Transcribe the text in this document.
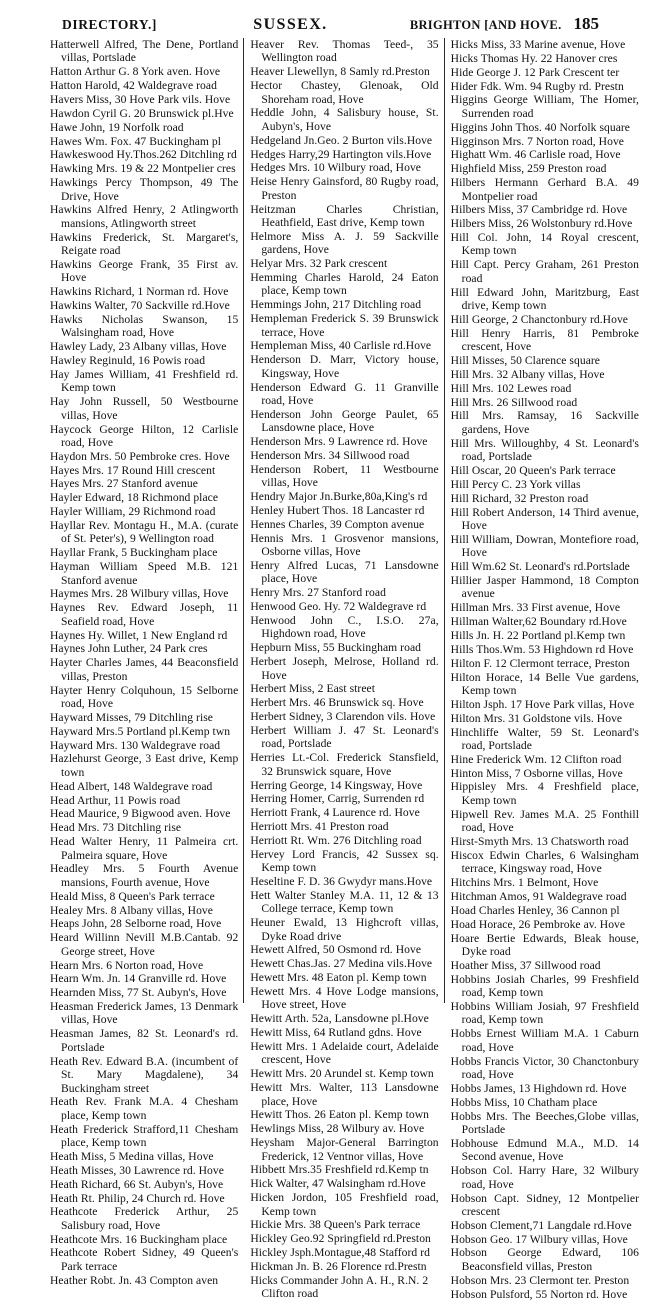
DIRECTORY.]	SUSSEX.	BRIGHTON [AND HOVE. 185
Hatterwell Alfred, The Dene, Portland villas, Portslade
Hatton Arthur G. 8 York aven. Hove
Hatton Harold, 42 Waldegrave road
Havers Miss, 30 Hove Park vils. Hove
Hawdon Cyril G. 20 Brunswick pl.Hve
Hawe John, 19 Norfolk road
Hawes Wm. Fox. 47 Buckingham pl
Hawkeswood Hy.Thos.262 Ditchling rd
Hawking Mrs. 19 & 22 Montpelier cres
Hawkings Percy Thompson, 49 The Drive, Hove
Hawkins Alfred Henry, 2 Atlingworth mansions, Atlingworth street
Hawkins Frederick, St. Margaret's, Reigate road
Hawkins George Frank, 35 First av. Hove
Hawkins Richard, 1 Norman rd. Hove
Hawkins Walter, 70 Sackville rd.Hove
Hawks Nicholas Swanson, 15 Walsingham road, Hove
Hawley Lady, 23 Albany villas, Hove
Hawley Reginuld, 16 Powis road
Hay James William, 41 Freshfield rd. Kemp town
Hay John Russell, 50 Westbourne villas, Hove
Haycock George Hilton, 12 Carlisle road, Hove
Haydon Mrs. 50 Pembroke cres. Hove
Hayes Mrs. 17 Round Hill crescent
Hayes Mrs. 27 Stanford avenue
Hayler Edward, 18 Richmond place
Hayler William, 29 Richmond road
Hayllar Rev. Montagu H., M.A. (curate of St. Peter's), 9 Wellington road
Hayllar Frank, 5 Buckingham place
Hayman William Speed M.B. 121 Stanford avenue
Haymes Mrs. 28 Wilbury villas, Hove
Haynes Rev. Edward Joseph, 11 Seafield road, Hove
Haynes Hy. Willet, 1 New England rd
Haynes John Luther, 24 Park cres
Hayter Charles James, 44 Beaconsfield villas, Preston
Hayter Henry Colquhoun, 15 Selborne road, Hove
Hayward Misses, 79 Ditchling rise
Hayward Mrs.5 Portland pl.Kemp twn
Hayward Mrs. 130 Waldegrave road
Hazlehurst George, 3 East drive, Kemp town
Head Albert, 148 Waldegrave road
Head Arthur, 11 Powis road
Head Maurice, 9 Bigwood aven. Hove
Head Mrs. 73 Ditchling rise
Head Walter Henry, 11 Palmeira crt. Palmeira square, Hove
Headley Mrs. 5 Fourth Avenue mansions, Fourth avenue, Hove
Heald Miss, 8 Queen's Park terrace
Healey Mrs. 8 Albany villas, Hove
Heaps John, 28 Selborne road, Hove
Heard Willinn Nevill M.B.Cantab. 92 George street, Hove
Hearn Mrs. 6 Norton road, Hove
Hearn Wm. Jn. 14 Granville rd. Hove
Hearnden Miss, 77 St. Aubyn's, Hove
Heasman Frederick James, 13 Denmark villas, Hove
Heasman James, 82 St. Leonard's rd. Portslade
Heath Rev. Edward B.A. (incumbent of St. Mary Magdalene), 34 Buckingham street
Heath Rev. Frank M.A. 4 Chesham place, Kemp town
Heath Frederick Strafford,11 Chesham place, Kemp town
Heath Miss, 5 Medina villas, Hove
Heath Misses, 30 Lawrence rd. Hove
Heath Richard, 66 St. Aubyn's, Hove
Heath Rt. Philip, 24 Church rd. Hove
Heathcote Frederick Arthur, 25 Salisbury road, Hove
Heathcote Mrs. 16 Buckingham place
Heathcote Robert Sidney, 49 Queen's Park terrace
Heather Robt. Jn. 43 Compton aven
Heaver Rev. Thomas Teed-, 35 Wellington road
Heaver Llewellyn, 8 Samly rd.Preston
Hector Chastey, Glenoak, Old Shoreham road, Hove
Heddle John, 4 Salisbury house, St. Aubyn's, Hove
Hedgeland Jn.Geo. 2 Burton vils.Hove
Hedges Harry,29 Hartington vils.Hove
Hedges Mrs. 10 Wilbury road, Hove
Heise Henry Gainsford, 80 Rugby road, Preston
Heitzman Charles Christian, Heathfield, East drive, Kemp town
Helmore Miss A. J. 59 Sackville gardens, Hove
Helyar Mrs. 32 Park crescent
Hemming Charles Harold, 24 Eaton place, Kemp town
Hemmings John, 217 Ditchling road
Hempleman Frederick S. 39 Brunswick terrace, Hove
Hempleman Miss, 40 Carlisle rd.Hove
Henderson D. Marr, Victory house, Kingsway, Hove
Henderson Edward G. 11 Granville road, Hove
Henderson John George Paulet, 65 Lansdowne place, Hove
Henderson Mrs. 9 Lawrence rd. Hove
Henderson Mrs. 34 Sillwood road
Henderson Robert, 11 Westbourne villas, Hove
Hendry Major Jn.Burke,80a,King's rd
Henley Hubert Thos. 18 Lancaster rd
Hennes Charles, 39 Compton avenue
Hennis Mrs. 1 Grosvenor mansions, Osborne villas, Hove
Henry Alfred Lucas, 71 Lansdowne place, Hove
Henry Mrs. 27 Stanford road
Henwood Geo. Hy. 72 Waldegrave rd
Henwood John C., I.S.O. 27a, Highdown road, Hove
Hepburn Miss, 55 Buckingham road
Herbert Joseph, Melrose, Holland rd. Hove
Herbert Miss, 2 East street
Herbert Mrs. 46 Brunswick sq. Hove
Herbert Sidney, 3 Clarendon vils. Hove
Herbert William J. 47 St. Leonard's road, Portslade
Herries Lt.-Col. Frederick Stansfield, 32 Brunswick square, Hove
Herring George, 14 Kingsway, Hove
Herring Homer, Carrig, Surrenden rd
Herriott Frank, 4 Laurence rd. Hove
Herriott Mrs. 41 Preston road
Herriott Rt. Wm. 276 Ditchling road
Hervey Lord Francis, 42 Sussex sq. Kemp town
Heseltine F. D. 36 Gwydyr mans.Hove
Hett Walter Stanley M.A. 11, 12 & 13 College terrace, Kemp town
Heuner Ewald, 13 Highcroft villas, Dyke Road drive
Hewett Alfred, 50 Osmond rd. Hove
Hewett Chas.Jas. 27 Medina vils.Hove
Hewett Mrs. 48 Eaton pl. Kemp town
Hewett Mrs. 4 Hove Lodge mansions, Hove street, Hove
Hewitt Arth. 52a, Lansdowne pl.Hove
Hewitt Miss, 64 Rutland gdns. Hove
Hewitt Mrs. 1 Adelaide court, Adelaide crescent, Hove
Hewitt Mrs. 20 Arundel st. Kemp town
Hewitt Mrs. Walter, 113 Lansdowne place, Hove
Hewitt Thos. 26 Eaton pl. Kemp town
Hewlings Miss, 28 Wilbury av. Hove
Heysham Major-General Barrington Frederick, 12 Ventnor villas, Hove
Hibbett Mrs.35 Freshfield rd.Kemp tn
Hick Walter, 47 Walsingham rd.Hove
Hicken Jordon, 105 Freshfield road, Kemp town
Hickie Mrs. 38 Queen's Park terrace
Hickley Geo.92 Springfield rd.Preston
Hickley Jsph.Montague,48 Stafford rd
Hickman Jn. B. 26 Florence rd.Prestn
Hicks Commander John A. H., R.N. 2 Clifton road
Hicks Miss, 33 Marine avenue, Hove
Hicks Thomas Hy. 22 Hanover cres
Hide George J. 12 Park Crescent ter
Hider Fdk. Wm. 94 Rugby rd. Prestn
Higgins George William, The Homer, Surrenden road
Higgins John Thos. 40 Norfolk square
Higginson Mrs. 7 Norton road, Hove
Highatt Wm. 46 Carlisle road, Hove
Highfield Miss, 259 Preston road
Hilbers Hermann Gerhard B.A. 49 Montpelier road
Hilbers Miss, 37 Cambridge rd. Hove
Hilbers Miss, 26 Wolstonbury rd.Hove
Hill Col. John, 14 Royal crescent, Kemp town
Hill Capt. Percy Graham, 261 Preston road
Hill Edward John, Maritzburg, East drive, Kemp town
Hill George, 2 Chanctonbury rd.Hove
Hill Henry Harris, 81 Pembroke crescent, Hove
Hill Misses, 50 Clarence square
Hill Mrs. 32 Albany villas, Hove
Hill Mrs. 102 Lewes road
Hill Mrs. 26 Sillwood road
Hill Mrs. Ramsay, 16 Sackville gardens, Hove
Hill Mrs. Willoughby, 4 St. Leonard's road, Portslade
Hill Oscar, 20 Queen's Park terrace
Hill Percy C. 23 York villas
Hill Richard, 32 Preston road
Hill Robert Anderson, 14 Third avenue, Hove
Hill William, Dowran, Montefiore road, Hove
Hill Wm.62 St. Leonard's rd.Portslade
Hillier Jasper Hammond, 18 Compton avenue
Hillman Mrs. 33 First avenue, Hove
Hillman Walter,62 Boundary rd.Hove
Hills Jn. H. 22 Portland pl.Kemp twn
Hills Thos.Wm. 53 Highdown rd Hove
Hilton F. 12 Clermont terrace, Preston
Hilton Horace, 14 Belle Vue gardens, Kemp town
Hilton Jsph. 17 Hove Park villas, Hove
Hilton Mrs. 31 Goldstone vils. Hove
Hinchliffe Walter, 59 St. Leonard's road, Portslade
Hine Frederick Wm. 12 Clifton road
Hinton Miss, 7 Osborne villas, Hove
Hippisley Mrs. 4 Freshfield place, Kemp town
Hipwell Rev. James M.A. 25 Fonthill road, Hove
Hirst-Smyth Mrs. 13 Chatsworth road
Hiscox Edwin Charles, 6 Walsingham terrace, Kingsway road, Hove
Hitchins Mrs. 1 Belmont, Hove
Hitchman Amos, 91 Waldegrave road
Hoad Charles Henley, 36 Cannon pl
Hoad Horace, 26 Pembroke av. Hove
Hoare Bertie Edwards, Bleak house, Dyke road
Hoather Miss, 37 Sillwood road
Hobbins Josiah Charles, 99 Freshfield road, Kemp town
Hobbins William Josiah, 97 Freshfield road, Kemp town
Hobbs Ernest William M.A. 1 Caburn road, Hove
Hobbs Francis Victor, 30 Chanctonbury road, Hove
Hobbs James, 13 Highdown rd. Hove
Hobbs Miss, 10 Chatham place
Hobbs Mrs. The Beeches,Globe villas, Portslade
Hobhouse Edmund M.A., M.D. 14 Second avenue, Hove
Hobson Col. Harry Hare, 32 Wilbury road, Hove
Hobson Capt. Sidney, 12 Montpelier crescent
Hobson Clement,71 Langdale rd.Hove
Hobson Geo. 17 Wilbury villas, Hove
Hobson George Edward, 106 Beaconsfield villas, Preston
Hobson Mrs. 23 Clermont ter. Preston
Hobson Pulsford, 55 Norton rd. Hove
